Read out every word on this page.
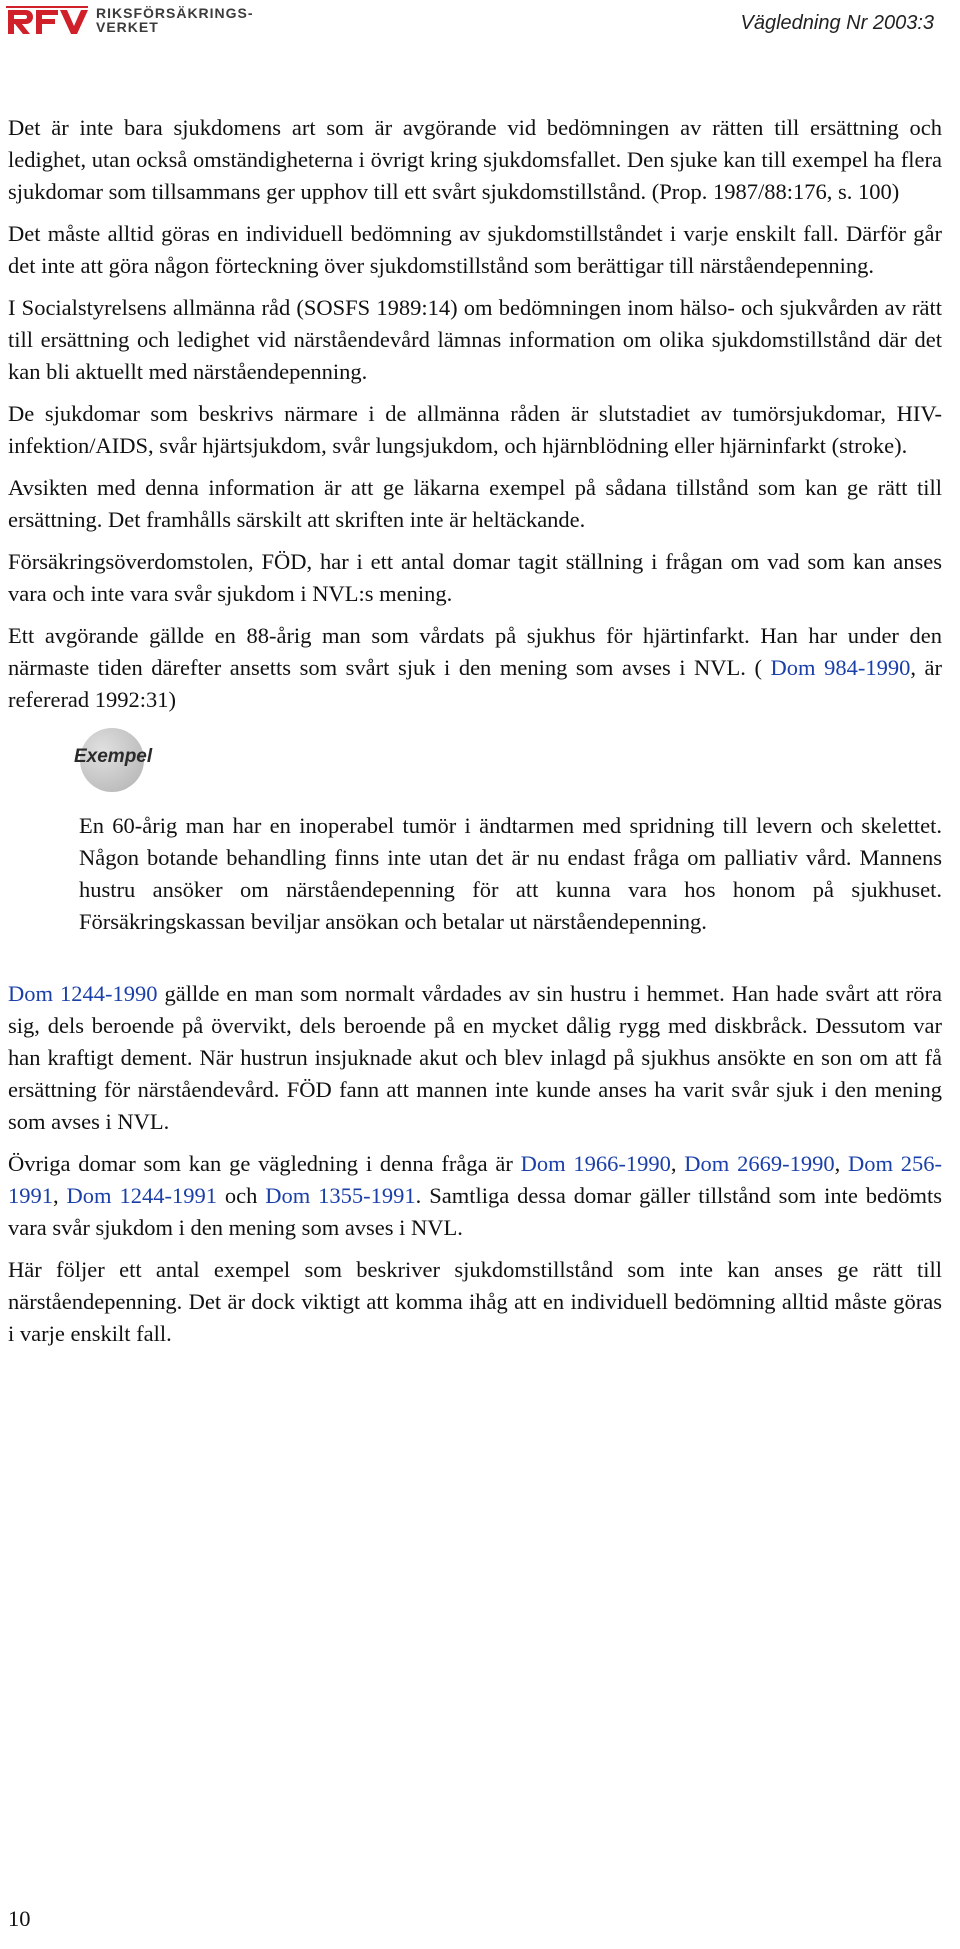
RIKSFÖRSÄKRINGS-
VERKET	Vägledning Nr 2003:3

Det är inte bara sjukdomens art som är avgörande vid bedömningen av rätten till ersättning och ledighet, utan också omständigheterna i övrigt kring sjukdomsfallet. Den sjuke kan till exempel ha flera sjukdomar som tillsammans ger upphov till ett svårt sjukdomstillstånd. (Prop. 1987/88:176, s. 100)

Det måste alltid göras en individuell bedömning av sjukdomstillståndet i varje enskilt fall. Därför går det inte att göra någon förteckning över sjukdomstillstånd som berättigar till närståendepenning.

I Socialstyrelsens allmänna råd (SOSFS 1989:14) om bedömningen inom hälso- och sjukvården av rätt till ersättning och ledighet vid närståendevård lämnas information om olika sjukdomstillstånd där det kan bli aktuellt med närståendepenning.

De sjukdomar som beskrivs närmare i de allmänna råden är slutstadiet av tumörsjukdomar, HIV-infektion/AIDS, svår hjärtsjukdom, svår lungsjukdom, och hjärnblödning eller hjärninfarkt (stroke).

Avsikten med denna information är att ge läkarna exempel på sådana tillstånd som kan ge rätt till ersättning. Det framhålls särskilt att skriften inte är heltäckande.

Försäkringsöverdomstolen, FÖD, har i ett antal domar tagit ställning i frågan om vad som kan anses vara och inte vara svår sjukdom i NVL:s mening.

Ett avgörande gällde en 88-årig man som vårdats på sjukhus för hjärtinfarkt. Han har under den närmaste tiden därefter ansetts som svårt sjuk i den mening som avses i NVL. ( Dom 984-1990, är refererad 1992:31)

Exempel

En 60-årig man har en inoperabel tumör i ändtarmen med spridning till levern och skelettet. Någon botande behandling finns inte utan det är nu endast fråga om palliativ vård. Mannens hustru ansöker om närståendepenning för att kunna vara hos honom på sjukhuset. Försäkringskassan beviljar ansökan och betalar ut närståendepenning.

Dom 1244-1990 gällde en man som normalt vårdades av sin hustru i hemmet. Han hade svårt att röra sig, dels beroende på övervikt, dels beroende på en mycket dålig rygg med diskbråck. Dessutom var han kraftigt dement. När hustrun insjuknade akut och blev inlagd på sjukhus ansökte en son om att få ersättning för närståendevård. FÖD fann att mannen inte kunde anses ha varit svår sjuk i den mening som avses i NVL.

Övriga domar som kan ge vägledning i denna fråga är Dom 1966-1990, Dom 2669-1990, Dom 256-1991, Dom 1244-1991 och Dom 1355-1991. Samtliga dessa domar gäller tillstånd som inte bedömts vara svår sjukdom i den mening som avses i NVL.

Här följer ett antal exempel som beskriver sjukdomstillstånd som inte kan anses ge rätt till närståendepenning. Det är dock viktigt att komma ihåg att en individuell bedömning alltid måste göras i varje enskilt fall.

10
